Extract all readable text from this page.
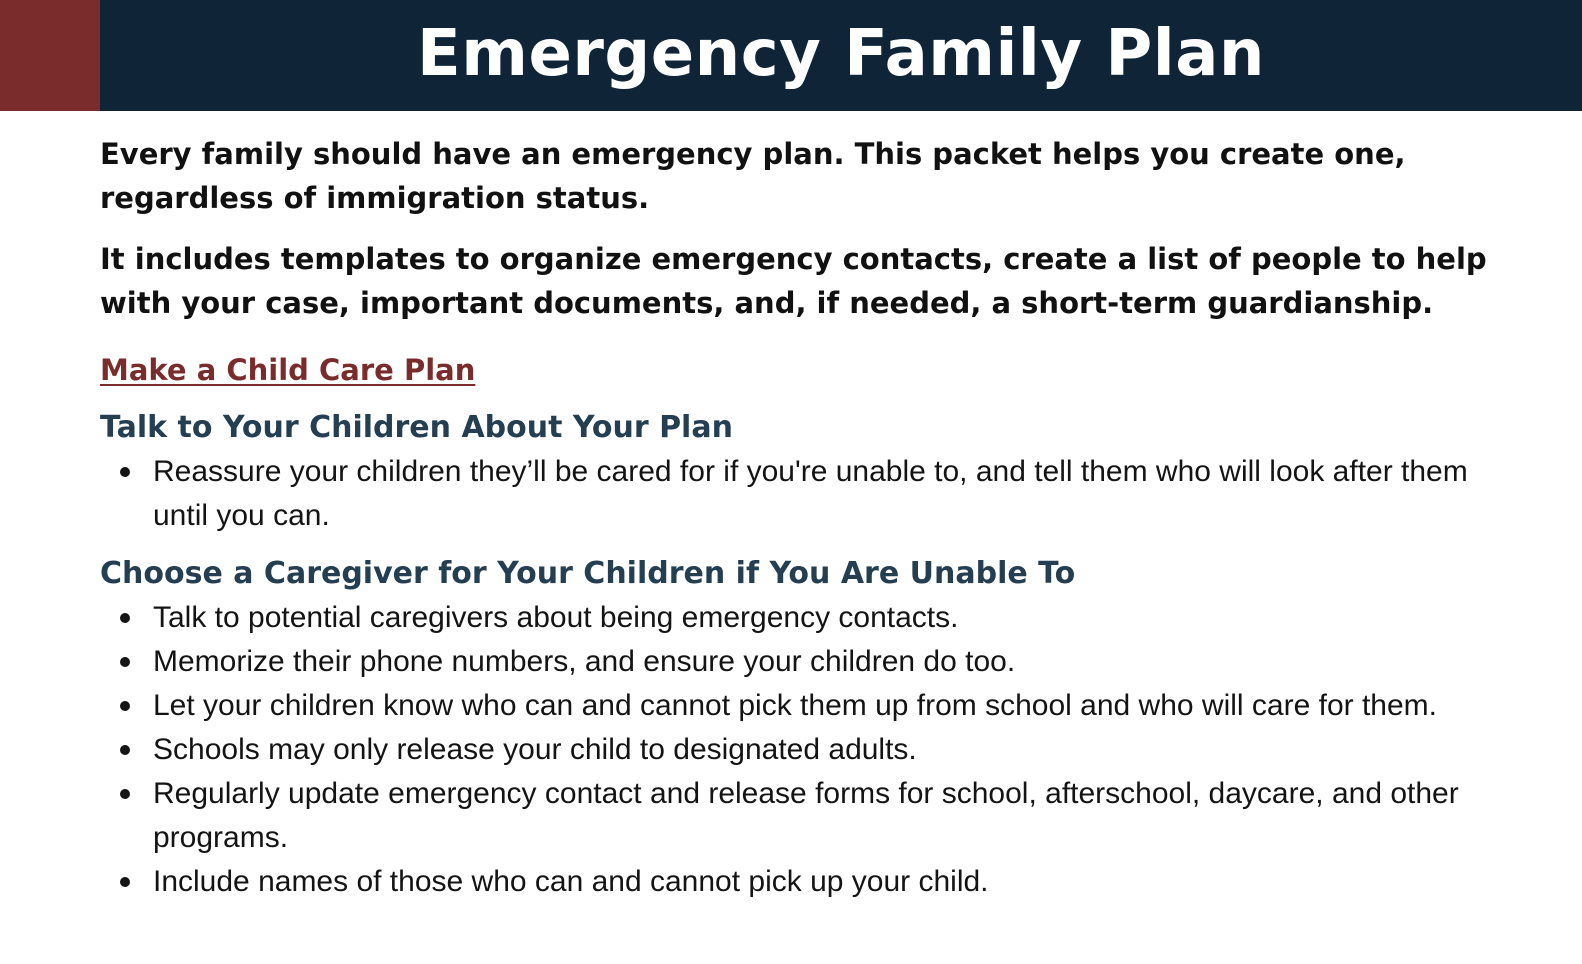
Emergency Family Plan

Every family should have an emergency plan. This packet helps you create one, regardless of immigration status.

It includes templates to organize emergency contacts, create a list of people to help with your case, important documents, and, if needed, a short-term guardianship.

Make a Child Care Plan
Talk to Your Children About Your Plan
Reassure your children they’ll be cared for if you're unable to, and tell them who will look after them until you can.
Choose a Caregiver for Your Children if You Are Unable To
Talk to potential caregivers about being emergency contacts.
Memorize their phone numbers, and ensure your children do too.
Let your children know who can and cannot pick them up from school and who will care for them.
Schools may only release your child to designated adults.
Regularly update emergency contact and release forms for school, afterschool, daycare, and other programs.
Include names of those who can and cannot pick up your child.
